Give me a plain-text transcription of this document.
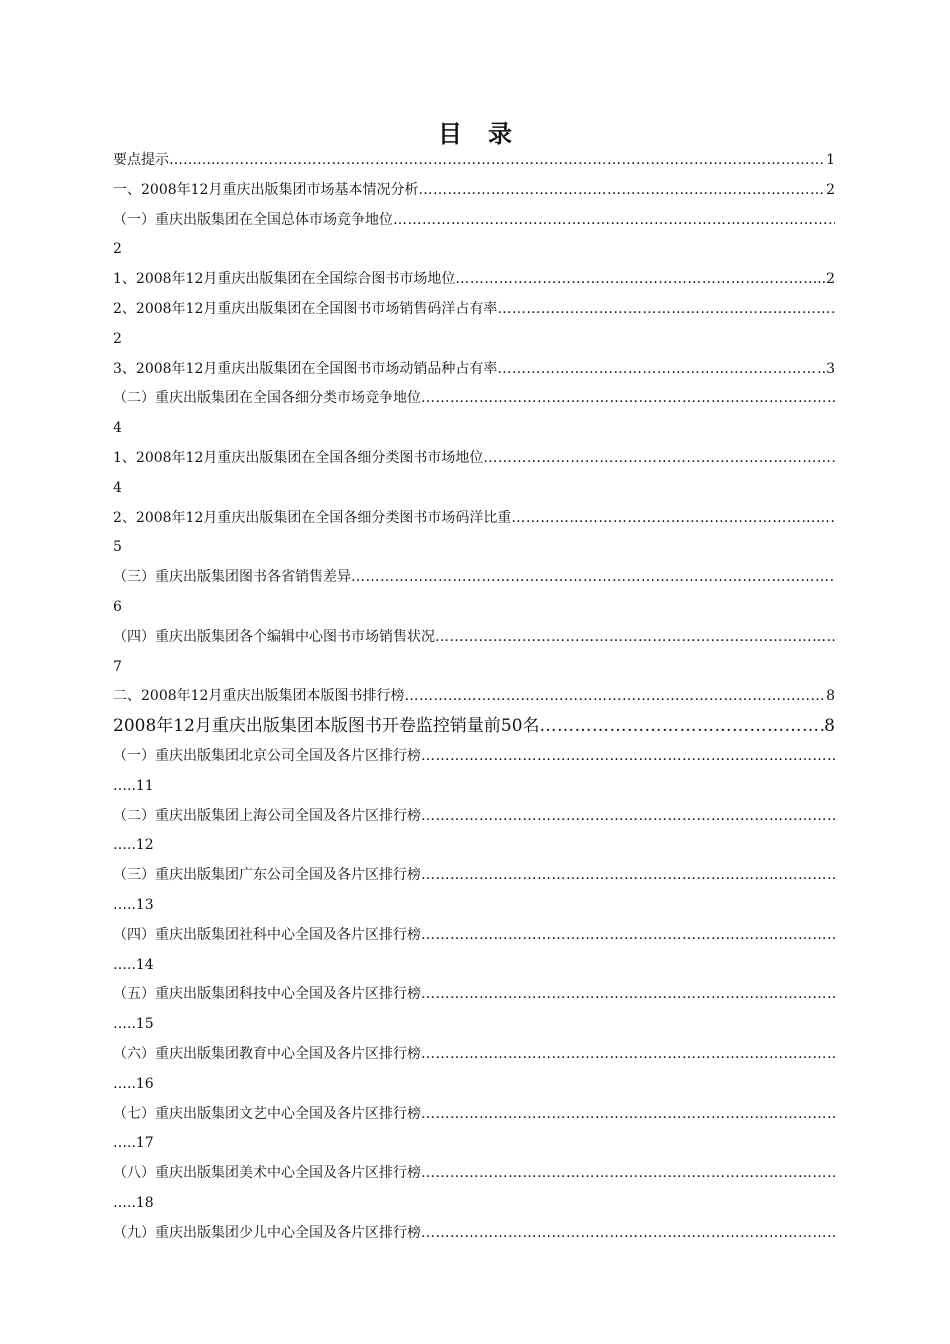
目录
要点提示………. ……………………………………………………………………………………………………………………………………………………………………………………………………………………………………………………	1
一、2008年12月重庆出版集团市场基本情况分析 ……………………………………………………………………………………………………………………………………………………………………………………………………………………………………………………	2
（一）重庆出版集团在全国总体市场竞争地位
……………………………………………………………………………………………………………………………………………………………………………………………………………………………………………………
2
1、2008年12月重庆出版集团在全国综合图书市场地位 ……………………………………………………………………………………………………………………………………………………………………………………………………………………………………………………	..2
2、2008年12月重庆出版集团在全国图书市场销售码洋占有率
……………………………………………………………………………………………………………………………………………………………………………………………………………………………………………………
2
3、2008年12月重庆出版集团在全国图书市场动销品种占有率 ……………………………………………………………………………………………………………………………………………………………………………………………………………………………………………………	..3
（二）重庆出版集团在全国各细分类市场竞争地位
……………………………………………………………………………………………………………………………………………………………………………………………………………………………………………………
4
1、2008年12月重庆出版集团在全国各细分类图书市场地位
……………………………………………………………………………………………………………………………………………………………………………………………………………………………………………………
4
2、2008年12月重庆出版集团在全国各细分类图书市场码洋比重
……………………………………………………………………………………………………………………………………………………………………………………………………………………………………………………
5
（三）重庆出版集团图书各省销售差异
……………………………………………………………………………………………………………………………………………………………………………………………………………………………………………………
6
（四）重庆出版集团各个编辑中心图书市场销售状况
……………………………………………………………………………………………………………………………………………………………………………………………………………………………………………………
7
二、2008年12月重庆出版集团本版图书排行榜 ……………………………………………………………………………………………………………………………………………………………………………………………………………………………………………………	8
2008年12月重庆出版集团本版图书开卷监控销量前50名 ……………………………………………………………………………………………………………………………………………………………………………………………………………………………………………………	8
（一）重庆出版集团北京公司全国及各片区排行榜
……………………………………………………………………………………………………………………………………………………………………………………………………………………………………………………
…..11
（二）重庆出版集团上海公司全国及各片区排行榜
……………………………………………………………………………………………………………………………………………………………………………………………………………………………………………………
…..12
（三）重庆出版集团广东公司全国及各片区排行榜
……………………………………………………………………………………………………………………………………………………………………………………………………………………………………………………
…..13
（四）重庆出版集团社科中心全国及各片区排行榜
……………………………………………………………………………………………………………………………………………………………………………………………………………………………………………………
…..14
（五）重庆出版集团科技中心全国及各片区排行榜
……………………………………………………………………………………………………………………………………………………………………………………………………………………………………………………
…..15
（六）重庆出版集团教育中心全国及各片区排行榜
……………………………………………………………………………………………………………………………………………………………………………………………………………………………………………………
…..16
（七）重庆出版集团文艺中心全国及各片区排行榜
……………………………………………………………………………………………………………………………………………………………………………………………………………………………………………………
…..17
（八）重庆出版集团美术中心全国及各片区排行榜
……………………………………………………………………………………………………………………………………………………………………………………………………………………………………………………
…..18
（九）重庆出版集团少儿中心全国及各片区排行榜
……………………………………………………………………………………………………………………………………………………………………………………………………………………………………………………
